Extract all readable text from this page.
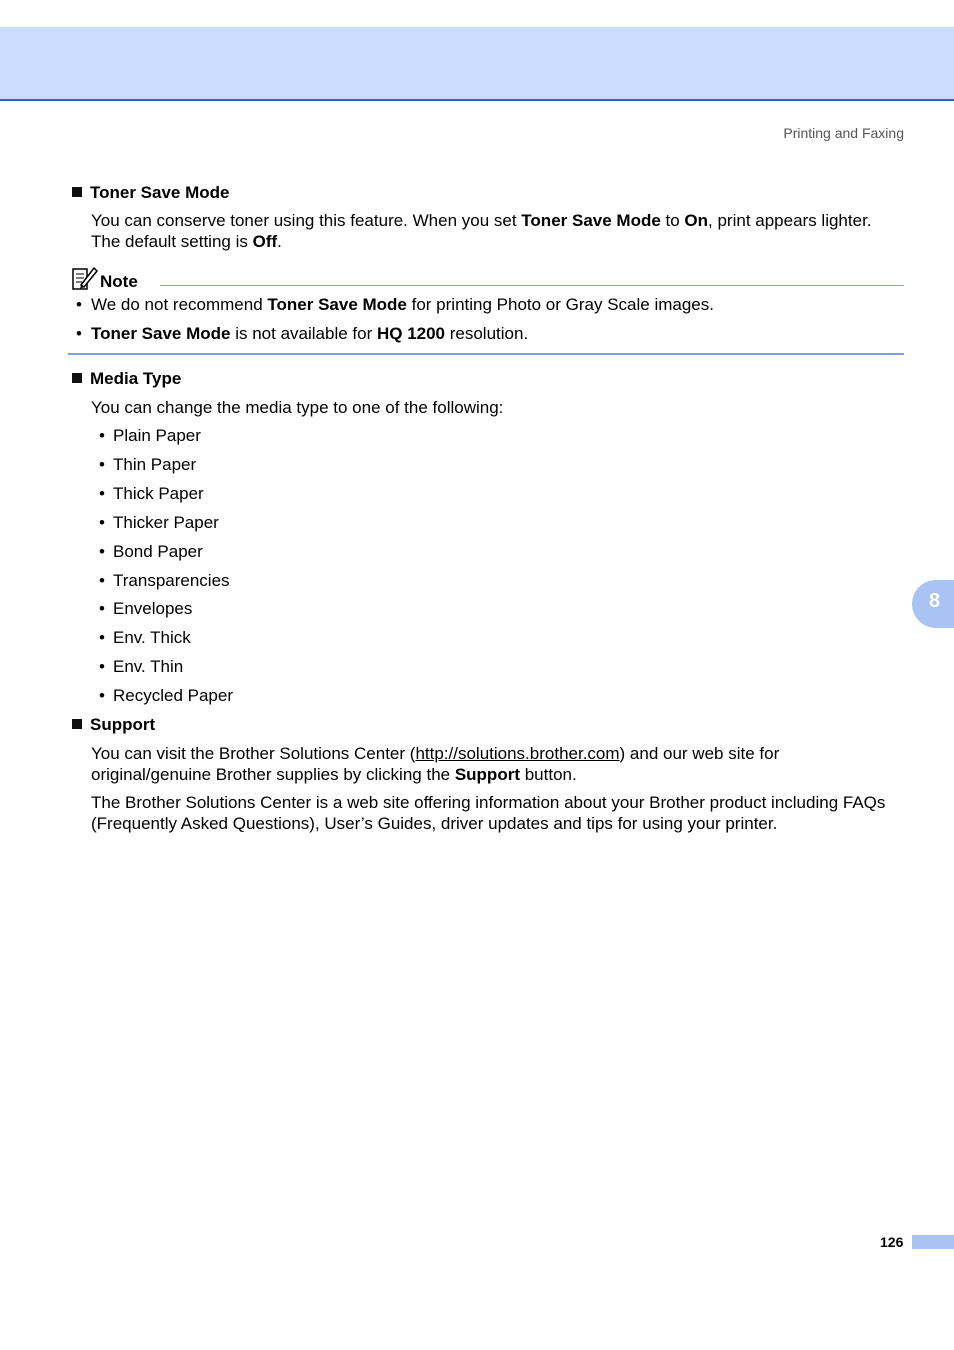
Printing and Faxing
Toner Save Mode

You can conserve toner using this feature. When you set Toner Save Mode to On, print appears lighter.
The default setting is Off.

Note
• We do not recommend Toner Save Mode for printing Photo or Gray Scale images.
• Toner Save Mode is not available for HQ 1200 resolution.
Media Type

You can change the media type to one of the following:

• Plain Paper
• Thin Paper
• Thick Paper
• Thicker Paper
• Bond Paper
• Transparencies
• Envelopes
• Env. Thick
• Env. Thin
• Recycled Paper
Support

You can visit the Brother Solutions Center (http://solutions.brother.com) and our web site for
original/genuine Brother supplies by clicking the Support button.

The Brother Solutions Center is a web site offering information about your Brother product including FAQs
(Frequently Asked Questions), User’s Guides, driver updates and tips for using your printer.

8
126
